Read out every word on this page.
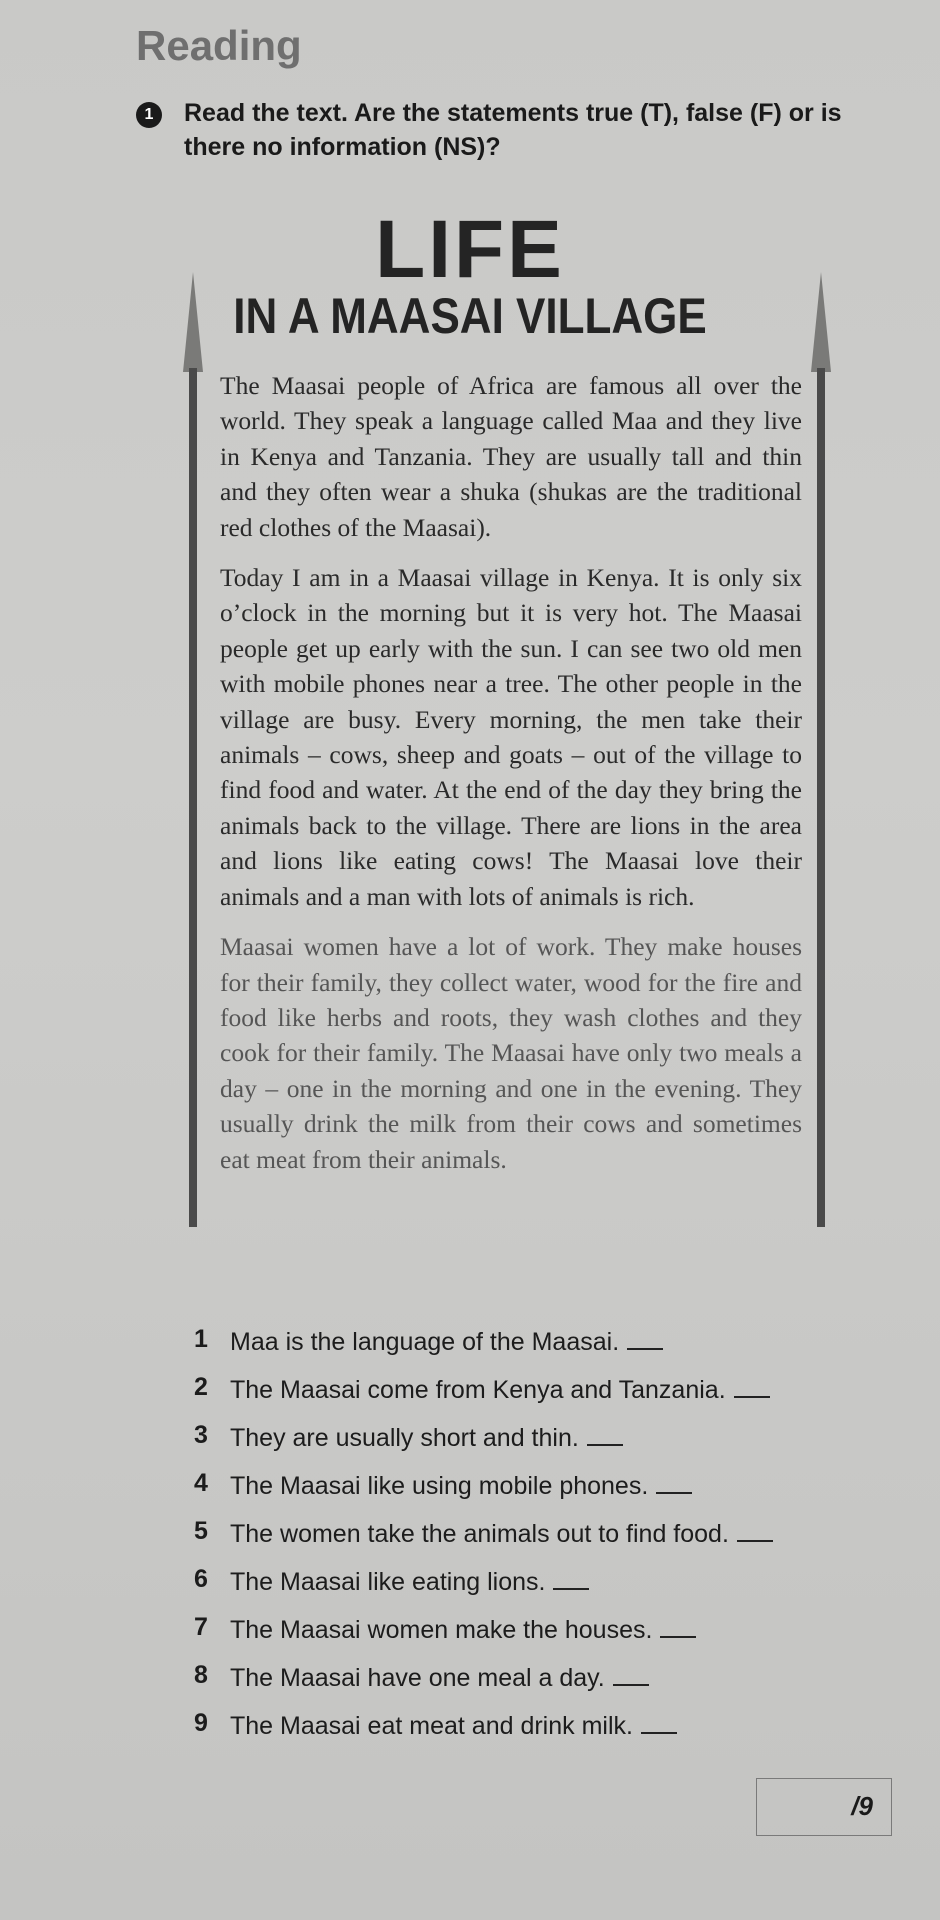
Reading
1	Read the text. Are the statements true (T), false (F) or is there no information (NS)?

LIFE
IN A MAASAI VILLAGE

The Maasai people of Africa are famous all over the world. They speak a language called Maa and they live in Kenya and Tanzania. They are usually tall and thin and they often wear a shuka (shukas are the traditional red clothes of the Maasai).

Today I am in a Maasai village in Kenya. It is only six o’clock in the morning but it is very hot. The Maasai people get up early with the sun. I can see two old men with mobile phones near a tree. The other people in the village are busy. Every morning, the men take their animals – cows, sheep and goats – out of the village to find food and water. At the end of the day they bring the animals back to the village. There are lions in the area and lions like eating cows! The Maasai love their animals and a man with lots of animals is rich.

Maasai women have a lot of work. They make houses for their family, they collect water, wood for the fire and food like herbs and roots, they wash clothes and they cook for their family. The Maasai have only two meals a day – one in the morning and one in the evening. They usually drink the milk from their cows and sometimes eat meat from their animals.

1 Maa is the language of the Maasai.
2 The Maasai come from Kenya and Tanzania.
3 They are usually short and thin.
4 The Maasai like using mobile phones.
5 The women take the animals out to find food.
6 The Maasai like eating lions.
7 The Maasai women make the houses.
8 The Maasai have one meal a day.
9 The Maasai eat meat and drink milk.
/9
